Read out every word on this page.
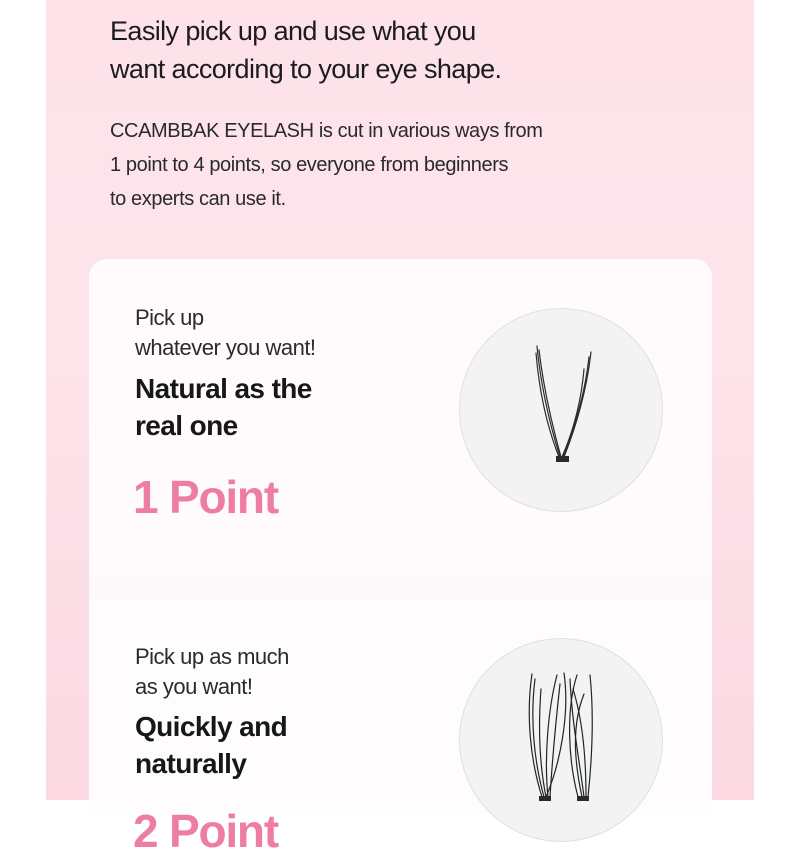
Easily pick up and use what you
want according to your eye shape.

CCAMBBAK EYELASH is cut in various ways from
1 point to 4 points, so everyone from beginners
to experts can use it.

Pick up
whatever you want!

Natural as the
real one
1 Point

Pick up as much
as you want!

Quickly and
naturally
2 Point
